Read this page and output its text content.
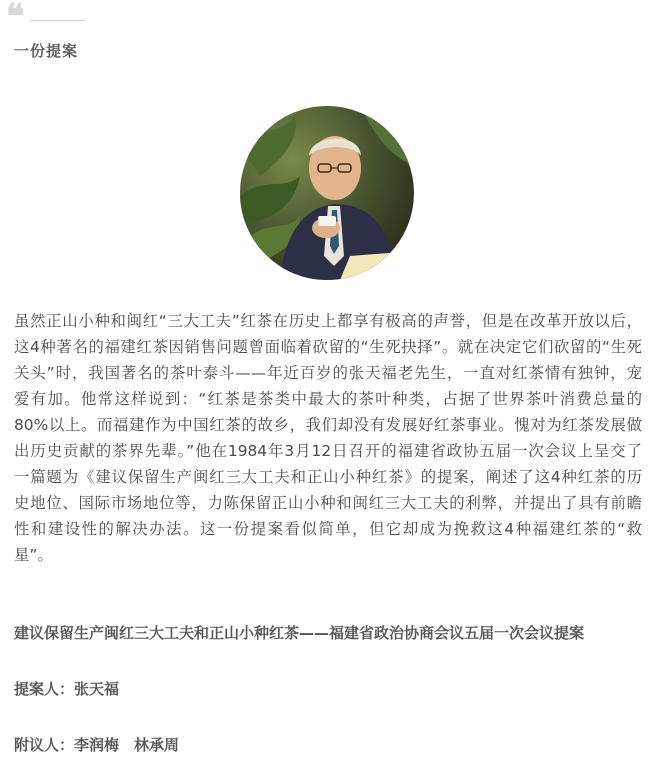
❝
一份提案
虽然正山小种和闽红“三大工夫”红茶在历史上都享有极高的声誉，但是在改革开放以后，
这4种著名的福建红茶因销售问题曾面临着砍留的“生死抉择”。就在决定它们砍留的“生死
关头”时，我国著名的茶叶泰斗——年近百岁的张天福老先生，一直对红茶情有独钟，宠
爱有加。他常这样说到：“红茶是茶类中最大的茶叶种类，占据了世界茶叶消费总量的
80%以上。而福建作为中国红茶的故乡，我们却没有发展好红茶事业。愧对为红茶发展做
出历史贡献的茶界先辈。”他在1984年3月12日召开的福建省政协五届一次会议上呈交了
一篇题为《建议保留生产闽红三大工夫和正山小种红茶》的提案，阐述了这4种红茶的历
史地位、国际市场地位等，力陈保留正山小种和闽红三大工夫的利弊，并提出了具有前瞻
性和建设性的解决办法。这一份提案看似简单，但它却成为挽救这4种福建红茶的“救
星”。
建议保留生产闽红三大工夫和正山小种红茶——福建省政治协商会议五届一次会议提案
提案人：张天福
附议人：李润梅　林承周
